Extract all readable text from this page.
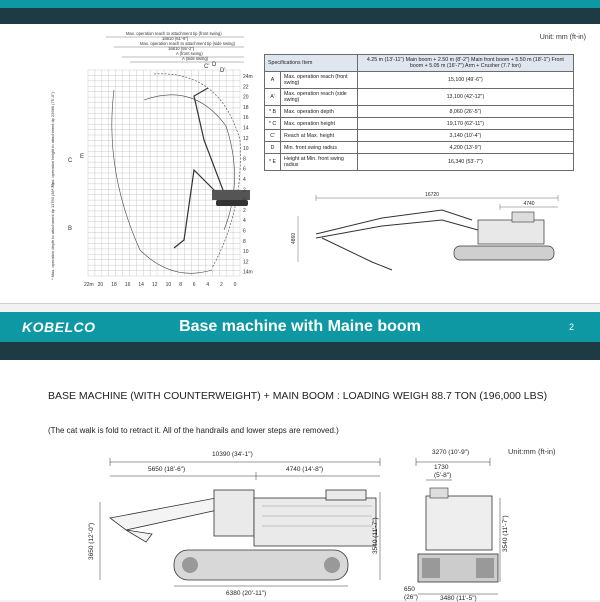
Unit: mm (ft-in)
Max. operation reach to attachment tip (front swing)
16810 (61'-9")
Max. operation reach to attachment tip (side swing)
16810 (55'-2")
A (front swing)
A (side swing)
B
C
D
E
C'
D'
24m
22
20
18
16
14
12
10
8
6
4
2
0
2
4
6
8
10
12
14m
22m 20 18 16 14 12 10 8 6 4 2 0
* Max. operation height to attachment tip 22980 (75'-5")
* Max. operation depth to attachment tip 11760 (38'-7")
Specifications Item		4.25 m (13'-11") Main boom + 2.50 m (8'-2") Main front boom + 5.50 m (18'-1") Front boom + 5.05 m (16'-7") Arm + Crusher (7.7 ton)
A	Max. operation reach (front swing)	15,100 (49'-6")
A'	Max. operation reach (side swing)	13,100 (42'-12")
* B	Max. operation depth	8,060 (26'-5")
* C	Max. operation height	19,170 (62'-11")
C'	Reach at Max. height	3,140 (10'-4")
D	Min. front swing radius	4,200 (13'-9")
* E	Height at Min. front swing radius	16,340 (53'-7")
16720
4740
4860
KOBELCO	Base machine with Maine boom	2
BASE MACHINE (WITH COUNTERWEIGHT) + MAIN BOOM : LOADING WEIGH 88.7 TON (196,000 LBS)
(The cat walk is fold to retract it. All of the handrails and lower steps are removed.)
Unit:mm (ft-in)
10390 (34'-1")
5650 (18'-6")	4740 (14'-8")
3650 (12'-0")	3540 (11'-7")
6380 (20'-11")
3270 (10'-9")
1730
(5'-8")
3540 (11'-7")
650
(26")	3480 (11'-5")
